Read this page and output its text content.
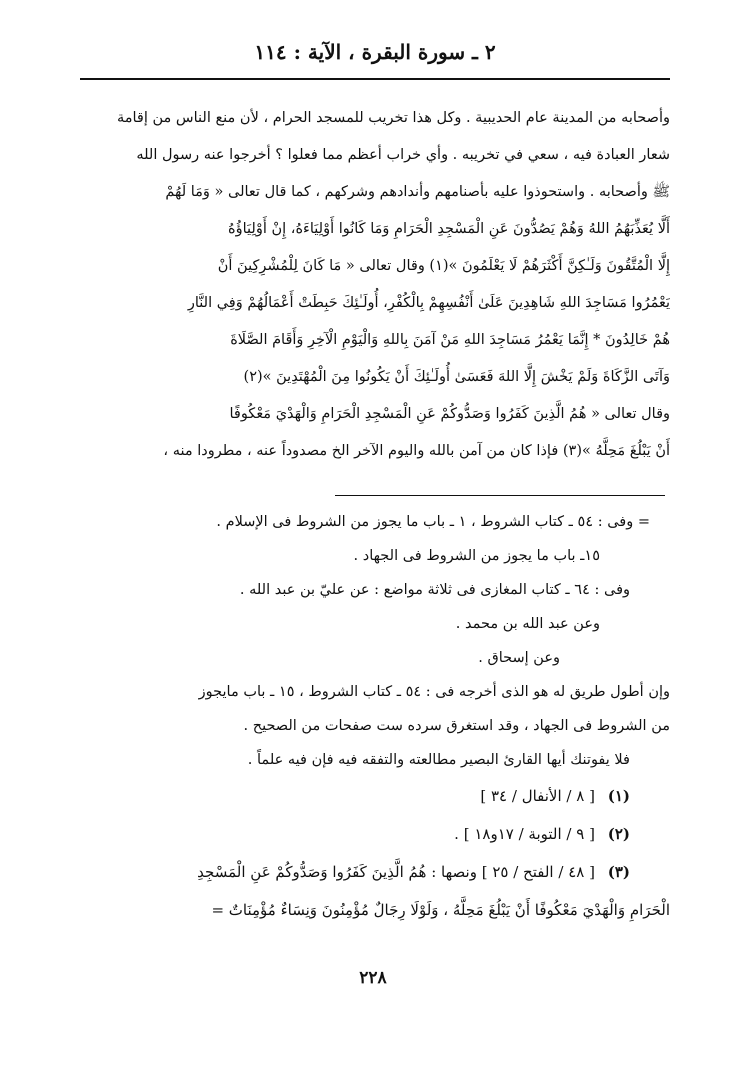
٢ ـ سورة البقرة ، الآية : ١١٤
وأصحابه من المدينة عام الحديبية . وكل هذا تخريب للمسجد الحرام ، لأن منع الناس من إقامة
شعار العبادة فيه ، سعي في تخريبه . وأي خراب أعظم مما فعلوا ؟ أخرجوا عنه رسول الله
ﷺ وأصحابه . واستحوذوا عليه بأصنامهم وأندادهم وشركهم ، كما قال تعالى « وَمَا لَهُمْ
أَلَّا يُعَذِّبَهُمُ اللهُ وَهُمْ يَصُدُّونَ عَنِ الْمَسْجِدِ الْحَرَامِ وَمَا كَانُوا أَوْلِيَاءَهُ، إِنْ أَوْلِيَاؤُهُ
إِلَّا الْمُتَّقُونَ وَلَـٰكِنَّ أَكْثَرَهُمْ لَا يَعْلَمُونَ »(١) وقال تعالى « مَا كَانَ لِلْمُشْرِكِينَ أَنْ
يَعْمُرُوا مَسَاجِدَ اللهِ شَاهِدِينَ عَلَىٰ أَنْفُسِهِمْ بِالْكُفْرِ، أُولَـٰئِكَ حَبِطَتْ أَعْمَالُهُمْ وَفِي النَّارِ
هُمْ خَالِدُونَ * إِنَّمَا يَعْمُرُ مَسَاجِدَ اللهِ مَنْ آمَنَ بِاللهِ وَالْيَوْمِ الْآخِرِ وَأَقَامَ الصَّلَاةَ
وَآتَى الزَّكَاةَ وَلَمْ يَخْشَ إِلَّا اللهَ فَعَسَىٰ أُولَـٰئِكَ أَنْ يَكُونُوا مِنَ الْمُهْتَدِينَ »(٢)
وقال تعالى « هُمُ الَّذِينَ كَفَرُوا وَصَدُّوكُمْ عَنِ الْمَسْجِدِ الْحَرَامِ وَالْهَدْيَ مَعْكُوفًا
أَنْ يَبْلُغَ مَحِلَّهُ »(٣) فإذا كان من آمن بالله واليوم الآخر الخ مصدوداً عنه ، مطرودا منه ،
= وفى : ٥٤ ـ كتاب الشروط ، ١ ـ باب ما يجوز من الشروط فى الإسلام .
١٥ـ باب ما يجوز من الشروط فى الجهاد .
وفى : ٦٤ ـ كتاب المغازى فى ثلاثة مواضع : عن عليّ بن عبد الله .
وعن عبد الله بن محمد .
وعن إسحاق .
وإن أطول طريق له هو الذى أخرجه فى : ٥٤ ـ كتاب الشروط ، ١٥ ـ باب مايجوز
من الشروط فى الجهاد ، وقد استغرق سرده ست صفحات من الصحيح .
فلا يفوتنك أيها القارئ البصير مطالعته والتفقه فيه فإن فيه علماً .
(١) [ ٨ / الأنفال / ٣٤ ]
(٢) [ ٩ / التوبة / ١٧و١٨ ] .
(٣) [ ٤٨ / الفتح / ٢٥ ] ونصها : هُمُ الَّذِينَ كَفَرُوا وَصَدُّوكُمْ عَنِ الْمَسْجِدِ
الْحَرَامِ وَالْهَدْيَ مَعْكُوفًا أَنْ يَبْلُغَ مَحِلَّهُ ، وَلَوْلَا رِجَالٌ مُؤْمِنُونَ وَنِسَاءٌ مُؤْمِنَاتٌ =
٢٢٨
